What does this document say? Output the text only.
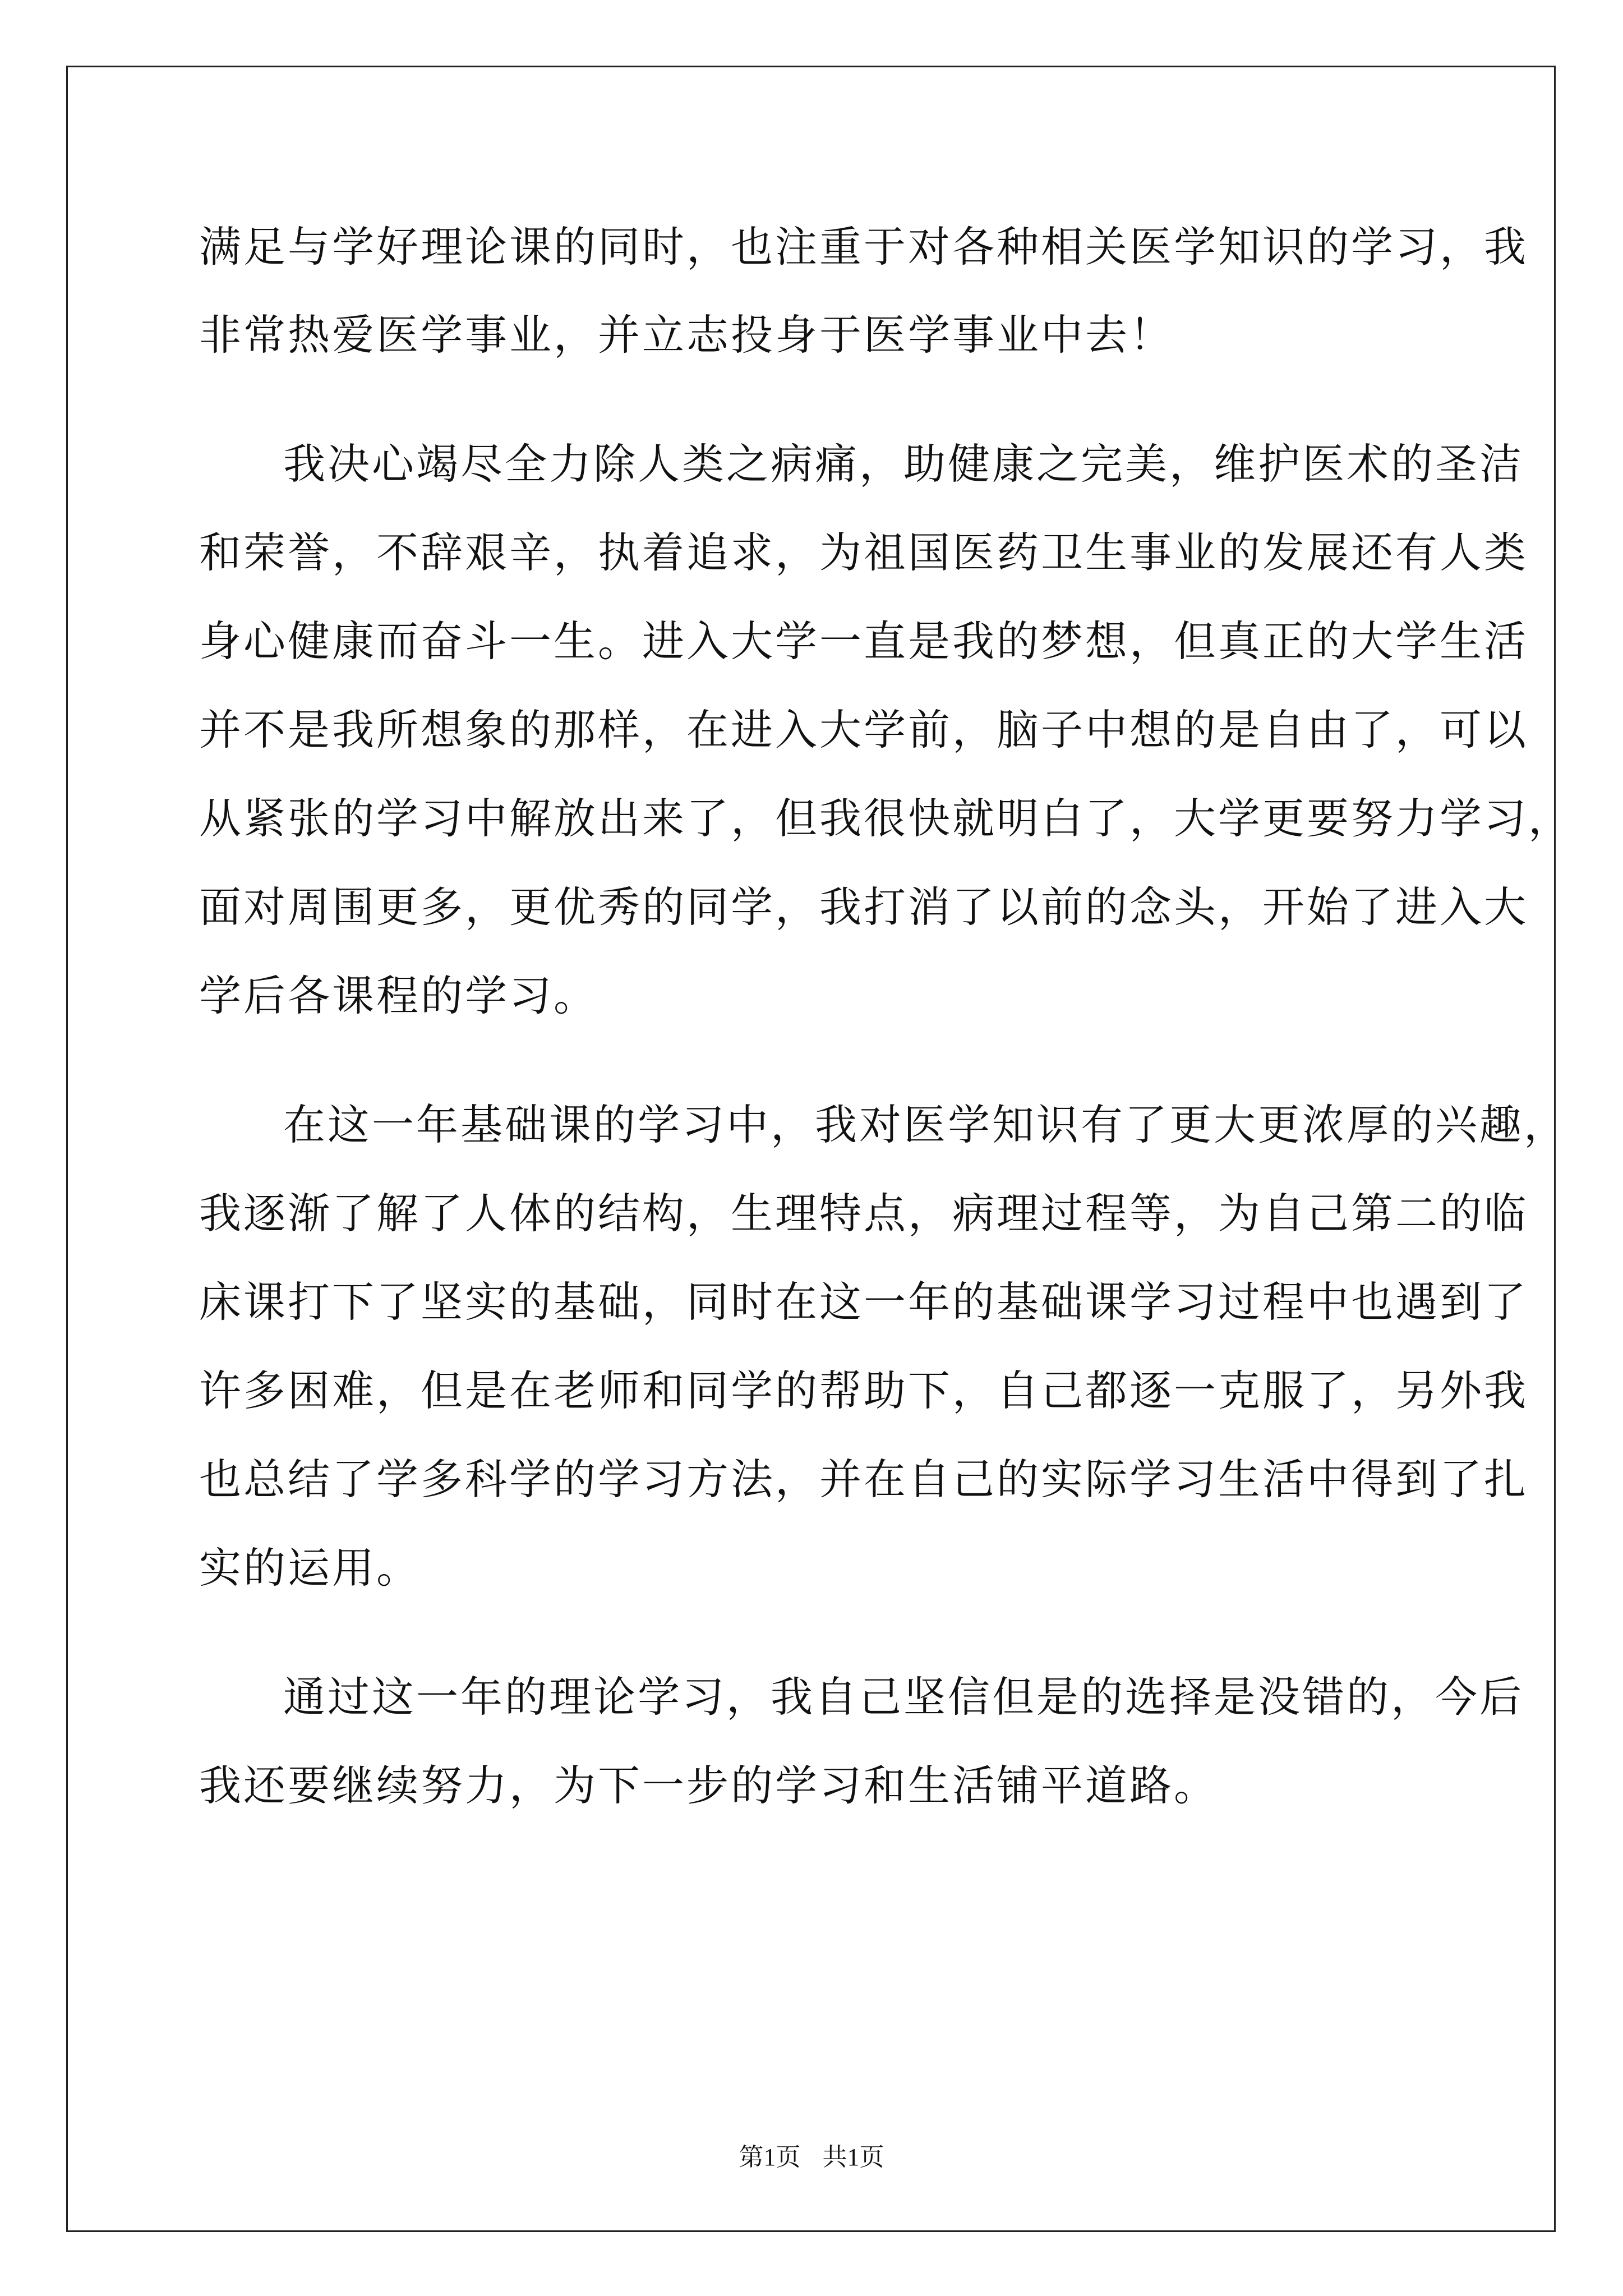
满足与学好理论课的同时，也注重于对各种相关医学知识的学习，我
非常热爱医学事业，并立志投身于医学事业中去！
我决心竭尽全力除人类之病痛，助健康之完美，维护医术的圣洁
和荣誉，不辞艰辛，执着追求，为祖国医药卫生事业的发展还有人类
身心健康而奋斗一生。进入大学一直是我的梦想，但真正的大学生活
并不是我所想象的那样，在进入大学前，脑子中想的是自由了，可以
从紧张的学习中解放出来了，但我很快就明白了，大学更要努力学习，
面对周围更多，更优秀的同学，我打消了以前的念头，开始了进入大
学后各课程的学习。
在这一年基础课的学习中，我对医学知识有了更大更浓厚的兴趣，
我逐渐了解了人体的结构，生理特点，病理过程等，为自己第二的临
床课打下了坚实的基础，同时在这一年的基础课学习过程中也遇到了
许多困难，但是在老师和同学的帮助下，自己都逐一克服了，另外我
也总结了学多科学的学习方法，并在自己的实际学习生活中得到了扎
实的运用。
通过这一年的理论学习，我自己坚信但是的选择是没错的，今后
我还要继续努力，为下一步的学习和生活铺平道路。
第1页 共1页
